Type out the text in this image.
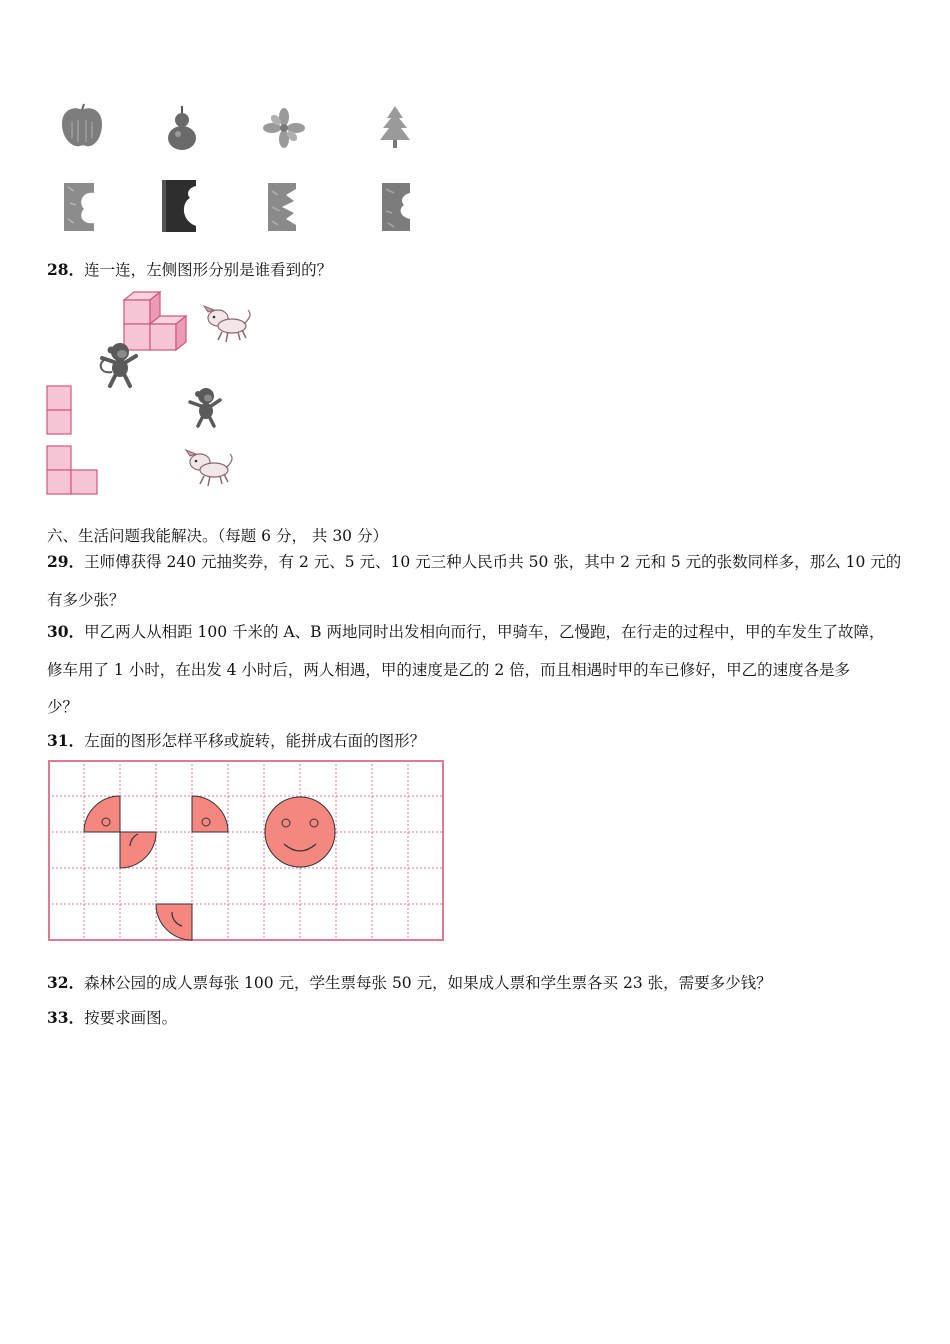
28．连一连，左侧图形分别是谁看到的？
六、生活问题我能解决。（每题 6 分， 共 30 分）
29．王师傅获得 240 元抽奖券，有 2 元、5 元、10 元三种人民币共 50 张，其中 2 元和 5 元的张数同样多，那么 10 元的
有多少张？
30．甲乙两人从相距 100 千米的 A、B 两地同时出发相向而行，甲骑车，乙慢跑，在行走的过程中，甲的车发生了故障，
修车用了 1 小时，在出发 4 小时后，两人相遇，甲的速度是乙的 2 倍，而且相遇时甲的车已修好，甲乙的速度各是多
少？
31．左面的图形怎样平移或旋转，能拼成右面的图形？
32．森林公园的成人票每张 100 元，学生票每张 50 元，如果成人票和学生票各买 23 张，需要多少钱？
33．按要求画图。
